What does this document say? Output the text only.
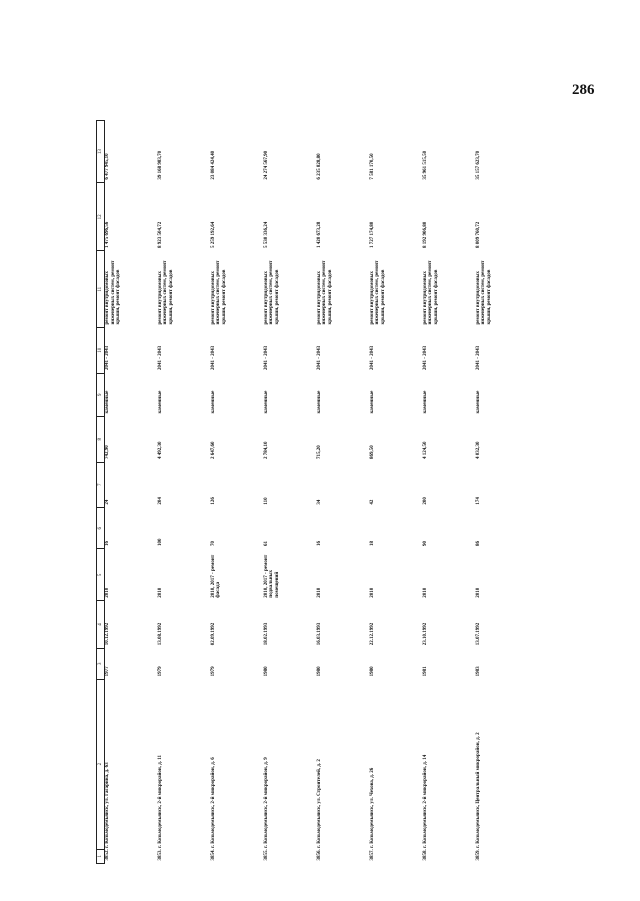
286
1	2	3	4	5	6	7	8	9	10	11	12	13
3852. г. Козьмодемьянск, ул. Гагарина, д. 63		1977	10.12.1992	2010	16	24	742,90	каменные	2041 - 2043	ремонт внутридомовых инженерных систем, ремонт крыши, ремонт фасадов	1 475 696,56	6 477 945,10
3853. г. Козьмодемьянск, 2-й микрорайон, д. 11		1979	13.08.1992	2010	100	204	4 492,30	каменные	2041 - 2043	ремонт внутридомовых инженерных систем, ремонт крыши, ремонт фасадов	8 923 504,72	39 168 983,70
3854. г. Козьмодемьянск, 2-й микрорайон, д. 6		1979	02.09.1992	2010, 2017 - ремонт фасада	70	126	2 647,60	каменные	2041 - 2043	ремонт внутридомовых инженерных систем, ремонт крыши, ремонт фасадов	5 259 192,64	23 084 424,40
3855. г. Козьмодемьянск, 2-й микрорайон, д. 9		1980	18.02.1993	2010, 2017 - ремонт подвальных помещений	61	110	2 784,10	каменные	2041 - 2043	ремонт внутридомовых инженерных систем, ремонт крыши, ремонт фасадов	5 530 336,24	24 274 567,90
3856. г. Козьмодемьянск, ул. Строителей, д. 2		1980	16.03.1993	2010	16	34	715,20	каменные	2041 - 2043	ремонт внутридомовых инженерных систем, ремонт крыши, ремонт фасадов	1 420 673,28	6 235 828,80
3857. г. Козьмодемьянск, ул. Чехова, д. 26		1980	22.12.1992	2010	18	42	869,50	каменные	2041 - 2043	ремонт внутридомовых инженерных систем, ремонт крыши, ремонт фасадов	1 727 174,80	7 581 170,50
3858. г. Козьмодемьянск, 2-й микрорайон, д. 14		1981	23.10.1992	2010	90	200	4 124,50	каменные	2041 - 2043	ремонт внутридомовых инженерных систем, ремонт крыши, ремонт фасадов	8 192 906,80	35 961 515,50
3859. г. Козьмодемьянск, Центральный микрорайон, д. 2		1983	13.07.1992	2010	86	174	4 032,30	каменные	2041 - 2043	ремонт внутридомовых инженерных систем, ремонт крыши, ремонт фасадов	8 009 760,72	35 157 623,70
